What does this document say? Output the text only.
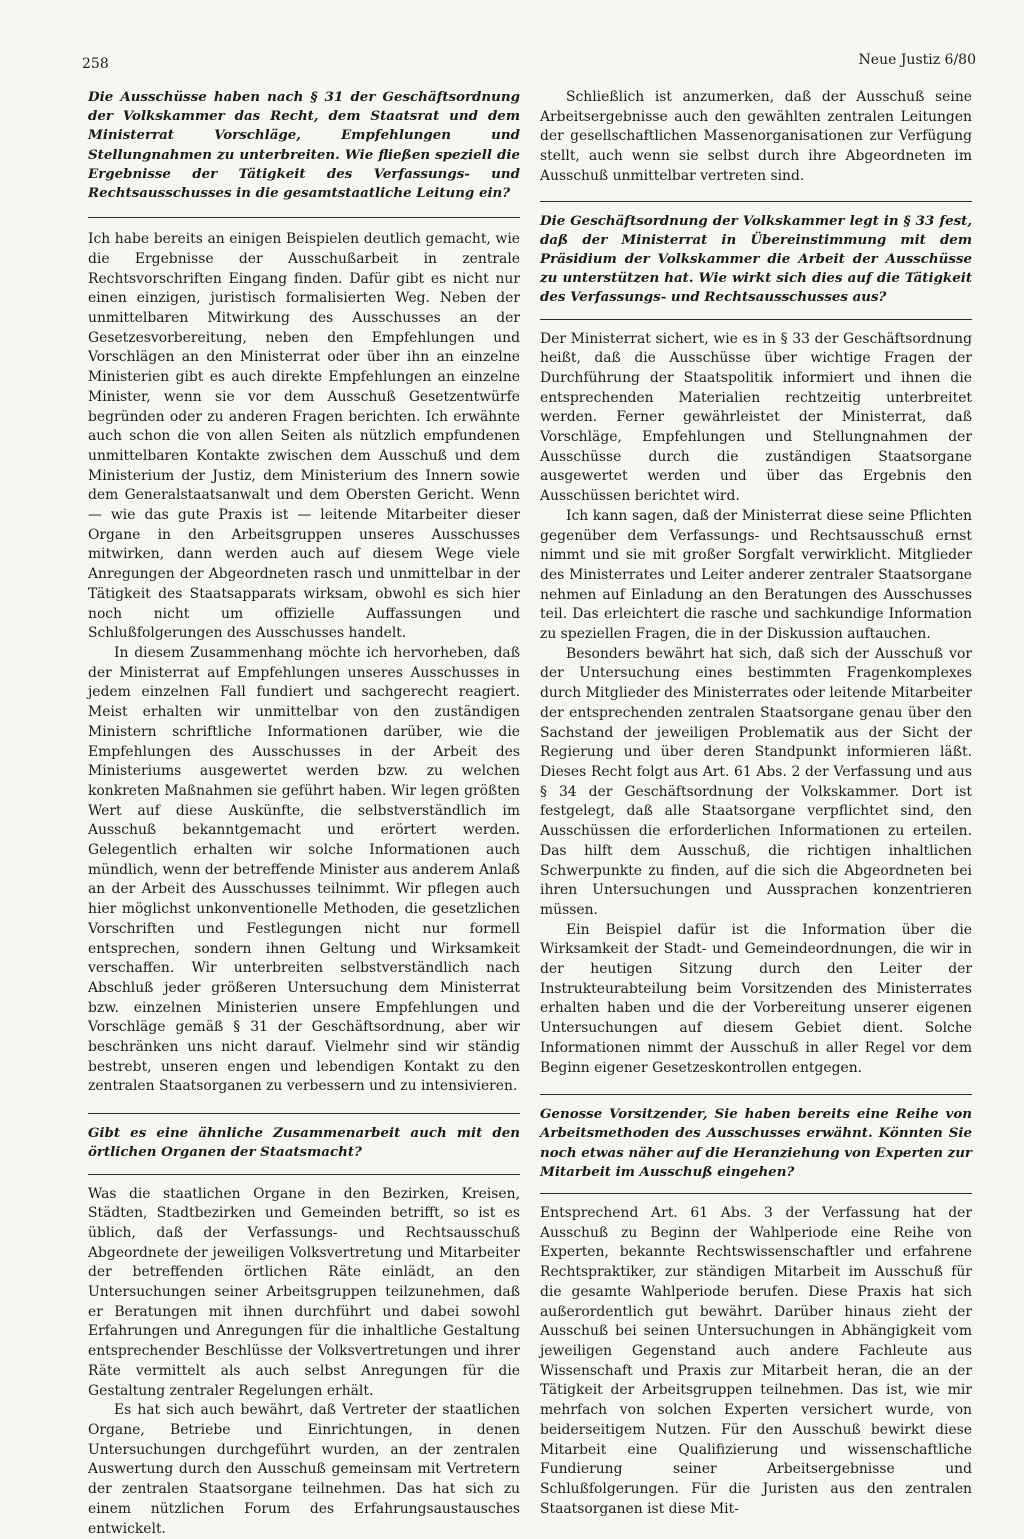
258	Neue Justiz 6/80

Die Ausschüsse haben nach § 31 der Geschäftsordnung der Volkskammer das Recht, dem Staatsrat und dem Ministerrat Vorschläge, Empfehlungen und Stellungnahmen zu unterbreiten. Wie fließen speziell die Ergebnisse der Tätigkeit des Verfassungs- und Rechtsausschusses in die gesamtstaatliche Leitung ein?

Ich habe bereits an einigen Beispielen deutlich gemacht, wie die Ergebnisse der Ausschußarbeit in zentrale Rechtsvorschriften Eingang finden. Dafür gibt es nicht nur einen einzigen, juristisch formalisierten Weg. Neben der unmittelbaren Mitwirkung des Ausschusses an der Gesetzesvorbereitung, neben den Empfehlungen und Vorschlägen an den Ministerrat oder über ihn an einzelne Ministerien gibt es auch direkte Empfehlungen an einzelne Minister, wenn sie vor dem Ausschuß Gesetzentwürfe begründen oder zu anderen Fragen berichten. Ich erwähnte auch schon die von allen Seiten als nützlich empfundenen unmittelbaren Kontakte zwischen dem Ausschuß und dem Ministerium der Justiz, dem Ministerium des Innern sowie dem Generalstaatsanwalt und dem Obersten Gericht. Wenn — wie das gute Praxis ist — leitende Mitarbeiter dieser Organe in den Arbeitsgruppen unseres Ausschusses mitwirken, dann werden auch auf diesem Wege viele Anregungen der Abgeordneten rasch und unmittelbar in der Tätigkeit des Staatsapparats wirksam, obwohl es sich hier noch nicht um offizielle Auffassungen und Schlußfolgerungen des Ausschusses handelt.

In diesem Zusammenhang möchte ich hervorheben, daß der Ministerrat auf Empfehlungen unseres Ausschusses in jedem einzelnen Fall fundiert und sachgerecht reagiert. Meist erhalten wir unmittelbar von den zuständigen Ministern schriftliche Informationen darüber, wie die Empfehlungen des Ausschusses in der Arbeit des Ministeriums ausgewertet werden bzw. zu welchen konkreten Maßnahmen sie geführt haben. Wir legen größten Wert auf diese Auskünfte, die selbstverständlich im Ausschuß bekanntgemacht und erörtert werden. Gelegentlich erhalten wir solche Informationen auch mündlich, wenn der betreffende Minister aus anderem Anlaß an der Arbeit des Ausschusses teilnimmt. Wir pflegen auch hier möglichst unkonventionelle Methoden, die gesetzlichen Vorschriften und Festlegungen nicht nur formell entsprechen, sondern ihnen Geltung und Wirksamkeit verschaffen. Wir unterbreiten selbstverständlich nach Abschluß jeder größeren Untersuchung dem Ministerrat bzw. einzelnen Ministerien unsere Empfehlungen und Vorschläge gemäß § 31 der Geschäftsordnung, aber wir beschränken uns nicht darauf. Vielmehr sind wir ständig bestrebt, unseren engen und lebendigen Kontakt zu den zentralen Staatsorganen zu verbessern und zu intensivieren.

Gibt es eine ähnliche Zusammenarbeit auch mit den örtlichen Organen der Staatsmacht?

Was die staatlichen Organe in den Bezirken, Kreisen, Städten, Stadtbezirken und Gemeinden betrifft, so ist es üblich, daß der Verfassungs- und Rechtsausschuß Abgeordnete der jeweiligen Volksvertretung und Mitarbeiter der betreffenden örtlichen Räte einlädt, an den Untersuchungen seiner Arbeitsgruppen teilzunehmen, daß er Beratungen mit ihnen durchführt und dabei sowohl Erfahrungen und Anregungen für die inhaltliche Gestaltung entsprechender Beschlüsse der Volksvertretungen und ihrer Räte vermittelt als auch selbst Anregungen für die Gestaltung zentraler Regelungen erhält.

Es hat sich auch bewährt, daß Vertreter der staatlichen Organe, Betriebe und Einrichtungen, in denen Untersuchungen durchgeführt wurden, an der zentralen Auswertung durch den Ausschuß gemeinsam mit Vertretern der zentralen Staatsorgane teilnehmen. Das hat sich zu einem nützlichen Forum des Erfahrungsaustausches entwickelt.

Schließlich ist anzumerken, daß der Ausschuß seine Arbeitsergebnisse auch den gewählten zentralen Leitungen der gesellschaftlichen Massenorganisationen zur Verfügung stellt, auch wenn sie selbst durch ihre Abgeordneten im Ausschuß unmittelbar vertreten sind.

Die Geschäftsordnung der Volkskammer legt in § 33 fest, daß der Ministerrat in Übereinstimmung mit dem Präsidium der Volkskammer die Arbeit der Ausschüsse zu unterstützen hat. Wie wirkt sich dies auf die Tätigkeit des Verfassungs- und Rechtsausschusses aus?

Der Ministerrat sichert, wie es in § 33 der Geschäftsordnung heißt, daß die Ausschüsse über wichtige Fragen der Durchführung der Staatspolitik informiert und ihnen die entsprechenden Materialien rechtzeitig unterbreitet werden. Ferner gewährleistet der Ministerrat, daß Vorschläge, Empfehlungen und Stellungnahmen der Ausschüsse durch die zuständigen Staatsorgane ausgewertet werden und über das Ergebnis den Ausschüssen berichtet wird.

Ich kann sagen, daß der Ministerrat diese seine Pflichten gegenüber dem Verfassungs- und Rechtsausschuß ernst nimmt und sie mit großer Sorgfalt verwirklicht. Mitglieder des Ministerrates und Leiter anderer zentraler Staatsorgane nehmen auf Einladung an den Beratungen des Ausschusses teil. Das erleichtert die rasche und sachkundige Information zu speziellen Fragen, die in der Diskussion auftauchen.

Besonders bewährt hat sich, daß sich der Ausschuß vor der Untersuchung eines bestimmten Fragenkomplexes durch Mitglieder des Ministerrates oder leitende Mitarbeiter der entsprechenden zentralen Staatsorgane genau über den Sachstand der jeweiligen Problematik aus der Sicht der Regierung und über deren Standpunkt informieren läßt. Dieses Recht folgt aus Art. 61 Abs. 2 der Verfassung und aus § 34 der Geschäftsordnung der Volkskammer. Dort ist festgelegt, daß alle Staatsorgane verpflichtet sind, den Ausschüssen die erforderlichen Informationen zu erteilen. Das hilft dem Ausschuß, die richtigen inhaltlichen Schwerpunkte zu finden, auf die sich die Abgeordneten bei ihren Untersuchungen und Aussprachen konzentrieren müssen.

Ein Beispiel dafür ist die Information über die Wirksamkeit der Stadt- und Gemeindeordnungen, die wir in der heutigen Sitzung durch den Leiter der Instrukteurabteilung beim Vorsitzenden des Ministerrates erhalten haben und die der Vorbereitung unserer eigenen Untersuchungen auf diesem Gebiet dient. Solche Informationen nimmt der Ausschuß in aller Regel vor dem Beginn eigener Gesetzeskontrollen entgegen.

Genosse Vorsitzender, Sie haben bereits eine Reihe von Arbeitsmethoden des Ausschusses erwähnt. Könnten Sie noch etwas näher auf die Heranziehung von Experten zur Mitarbeit im Ausschuß eingehen?

Entsprechend Art. 61 Abs. 3 der Verfassung hat der Ausschuß zu Beginn der Wahlperiode eine Reihe von Experten, bekannte Rechtswissenschaftler und erfahrene Rechtspraktiker, zur ständigen Mitarbeit im Ausschuß für die gesamte Wahlperiode berufen. Diese Praxis hat sich außerordentlich gut bewährt. Darüber hinaus zieht der Ausschuß bei seinen Untersuchungen in Abhängigkeit vom jeweiligen Gegenstand auch andere Fachleute aus Wissenschaft und Praxis zur Mitarbeit heran, die an der Tätigkeit der Arbeitsgruppen teilnehmen. Das ist, wie mir mehrfach von solchen Experten versichert wurde, von beiderseitigem Nutzen. Für den Ausschuß bewirkt diese Mitarbeit eine Qualifizierung und wissenschaftliche Fundierung seiner Arbeitsergebnisse und Schlußfolgerungen. Für die Juristen aus den zentralen Staatsorganen ist diese Mit-
